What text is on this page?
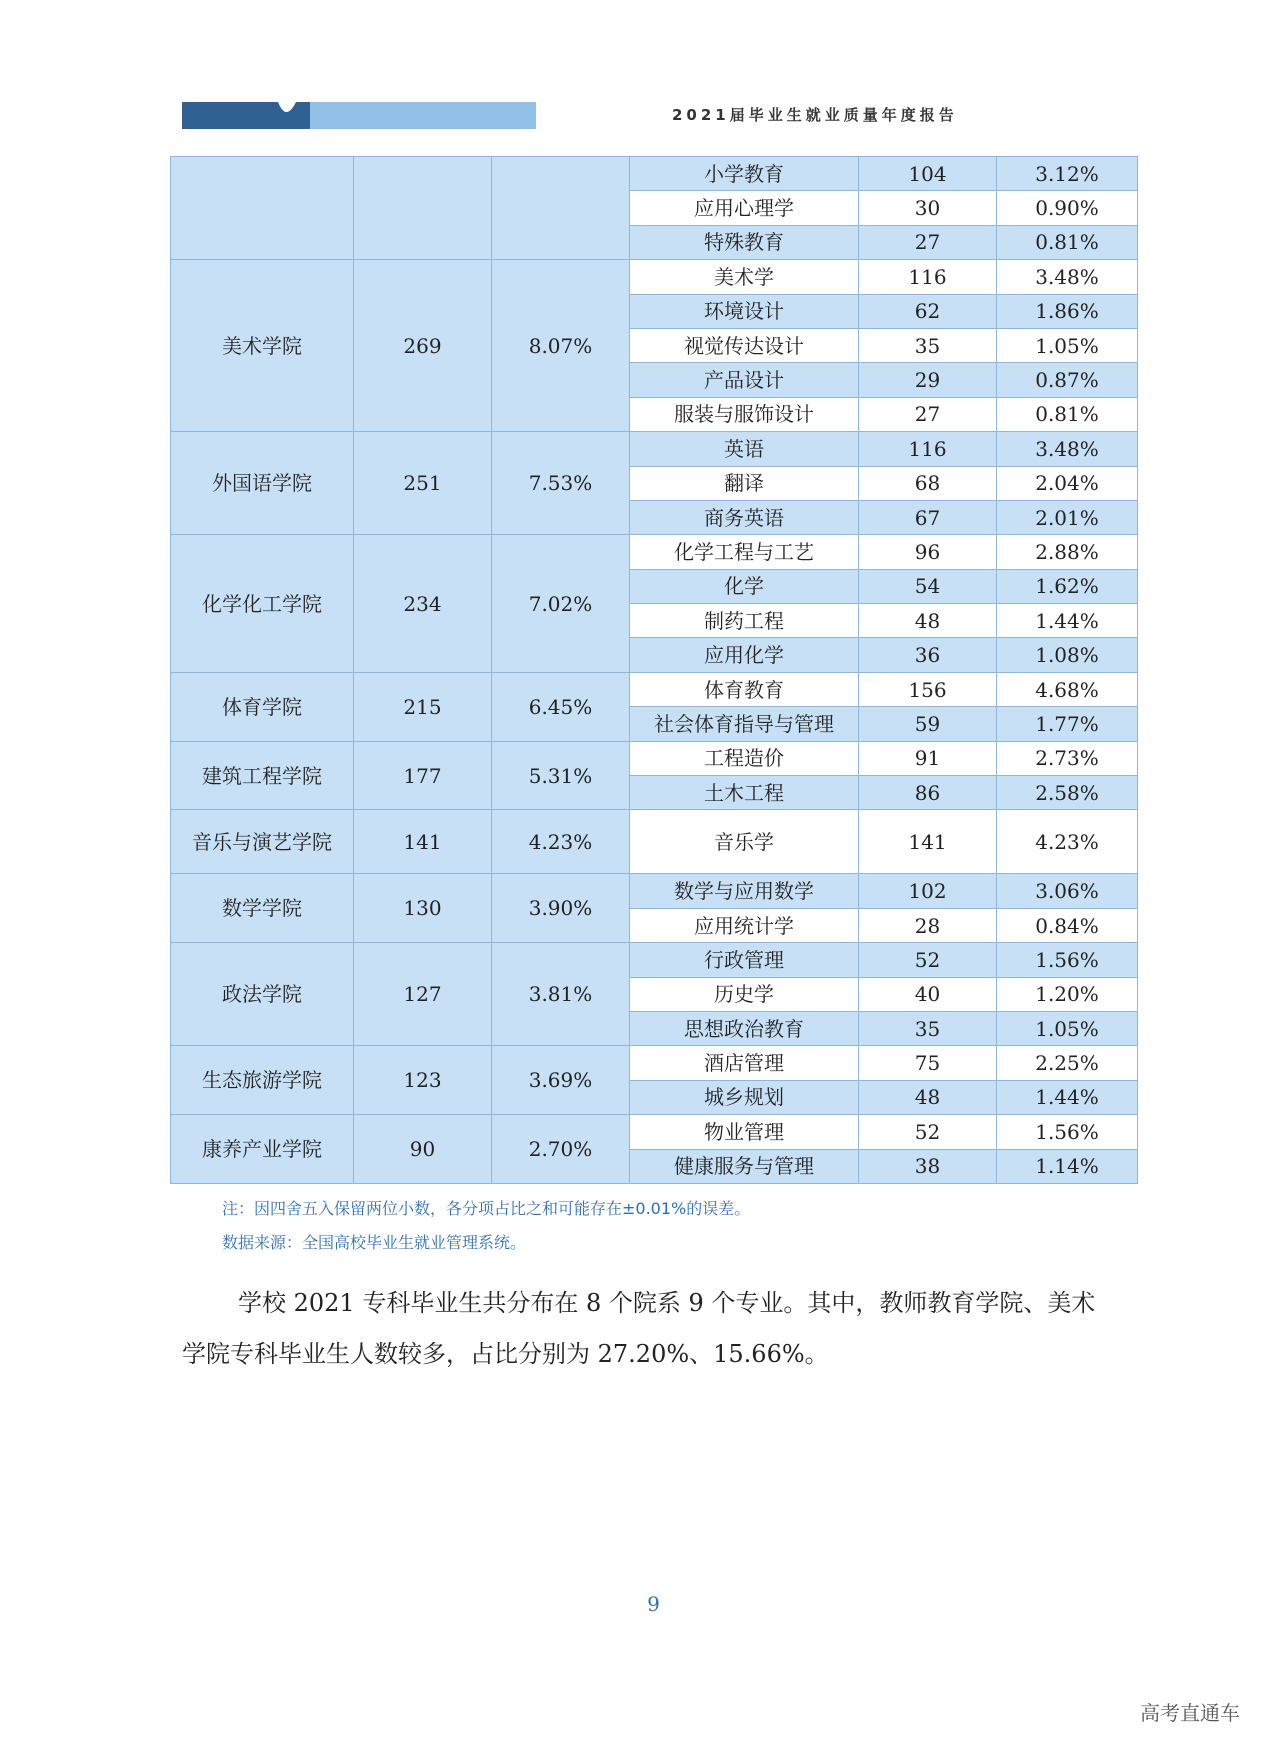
2021届毕业生就业质量年度报告
			小学教育	104	3.12%
			应用心理学	30	0.90%
			特殊教育	27	0.81%
美术学院	269	8.07%	美术学	116	3.48%
			环境设计	62	1.86%
			视觉传达设计	35	1.05%
			产品设计	29	0.87%
			服装与服饰设计	27	0.81%
外国语学院	251	7.53%	英语	116	3.48%
			翻译	68	2.04%
			商务英语	67	2.01%
化学化工学院	234	7.02%	化学工程与工艺	96	2.88%
			化学	54	1.62%
			制药工程	48	1.44%
			应用化学	36	1.08%
体育学院	215	6.45%	体育教育	156	4.68%
			社会体育指导与管理	59	1.77%
建筑工程学院	177	5.31%	工程造价	91	2.73%
			土木工程	86	2.58%
音乐与演艺学院	141	4.23%	音乐学	141	4.23%
数学学院	130	3.90%	数学与应用数学	102	3.06%
			应用统计学	28	0.84%
政法学院	127	3.81%	行政管理	52	1.56%
			历史学	40	1.20%
			思想政治教育	35	1.05%
生态旅游学院	123	3.69%	酒店管理	75	2.25%
			城乡规划	48	1.44%
康养产业学院	90	2.70%	物业管理	52	1.56%
			健康服务与管理	38	1.14%
注：因四舍五入保留两位小数，各分项占比之和可能存在±0.01%的误差。
数据来源：全国高校毕业生就业管理系统。
学校 2021 专科毕业生共分布在 8 个院系 9 个专业。其中，教师教育学院、美术学院专科毕业生人数较多，占比分别为 27.20%、15.66%。
9
高考直通车
